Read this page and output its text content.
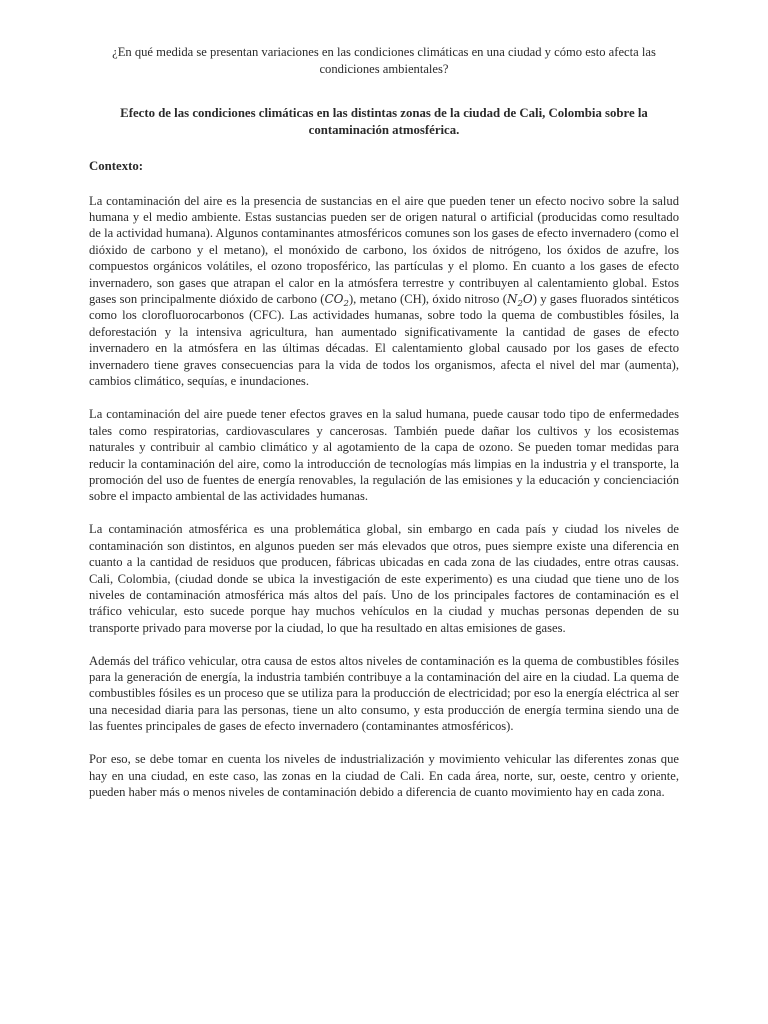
¿En qué medida se presentan variaciones en las condiciones climáticas en una ciudad y cómo esto afecta las condiciones ambientales?

Efecto de las condiciones climáticas en las distintas zonas de la ciudad de Cali, Colombia sobre la contaminación atmosférica.

Contexto:

La contaminación del aire es la presencia de sustancias en el aire que pueden tener un efecto nocivo sobre la salud humana y el medio ambiente. Estas sustancias pueden ser de origen natural o artificial (producidas como resultado de la actividad humana). Algunos contaminantes atmosféricos comunes son los gases de efecto invernadero (como el dióxido de carbono y el metano), el monóxido de carbono, los óxidos de nitrógeno, los óxidos de azufre, los compuestos orgánicos volátiles, el ozono troposférico, las partículas y el plomo. En cuanto a los gases de efecto invernadero, son gases que atrapan el calor en la atmósfera terrestre y contribuyen al calentamiento global. Estos gases son principalmente dióxido de carbono $(CO_2)$, metano (CH), óxido nitroso $(N_2O)$ y gases fluorados sintéticos como los clorofluorocarbonos (CFC). Las actividades humanas, sobre todo la quema de combustibles fósiles, la deforestación y la intensiva agricultura, han aumentado significativamente la cantidad de gases de efecto invernadero en la atmósfera en las últimas décadas. El calentamiento global causado por los gases de efecto invernadero tiene graves consecuencias para la vida de todos los organismos, afecta el nivel del mar (aumenta), cambios climático, sequías, e inundaciones.

La contaminación del aire puede tener efectos graves en la salud humana, puede causar todo tipo de enfermedades tales como respiratorias, cardiovasculares y cancerosas. También puede dañar los cultivos y los ecosistemas naturales y contribuir al cambio climático y al agotamiento de la capa de ozono. Se pueden tomar medidas para reducir la contaminación del aire, como la introducción de tecnologías más limpias en la industria y el transporte, la promoción del uso de fuentes de energía renovables, la regulación de las emisiones y la educación y concienciación sobre el impacto ambiental de las actividades humanas.

La contaminación atmosférica es una problemática global, sin embargo en cada país y ciudad los niveles de contaminación son distintos, en algunos pueden ser más elevados que otros, pues siempre existe una diferencia en cuanto a la cantidad de residuos que producen, fábricas ubicadas en cada zona de las ciudades, entre otras causas. Cali, Colombia, (ciudad donde se ubica la investigación de este experimento) es una ciudad que tiene uno de los niveles de contaminación atmosférica más altos del país. Uno de los principales factores de contaminación es el tráfico vehicular, esto sucede porque hay muchos vehículos en la ciudad y muchas personas dependen de su transporte privado para moverse por la ciudad, lo que ha resultado en altas emisiones de gases.

Además del tráfico vehicular, otra causa de estos altos niveles de contaminación es la quema de combustibles fósiles para la generación de energía, la industria también contribuye a la contaminación del aire en la ciudad. La quema de combustibles fósiles es un proceso que se utiliza para la producción de electricidad; por eso la energía eléctrica al ser una necesidad diaria para las personas, tiene un alto consumo, y esta producción de energía termina siendo una de las fuentes principales de gases de efecto invernadero (contaminantes atmosféricos).

Por eso, se debe tomar en cuenta los niveles de industrialización y movimiento vehicular las diferentes zonas que hay en una ciudad, en este caso, las zonas en la ciudad de Cali. En cada área, norte, sur, oeste, centro y oriente, pueden haber más o menos niveles de contaminación debido a diferencia de cuanto movimiento hay en cada zona.
